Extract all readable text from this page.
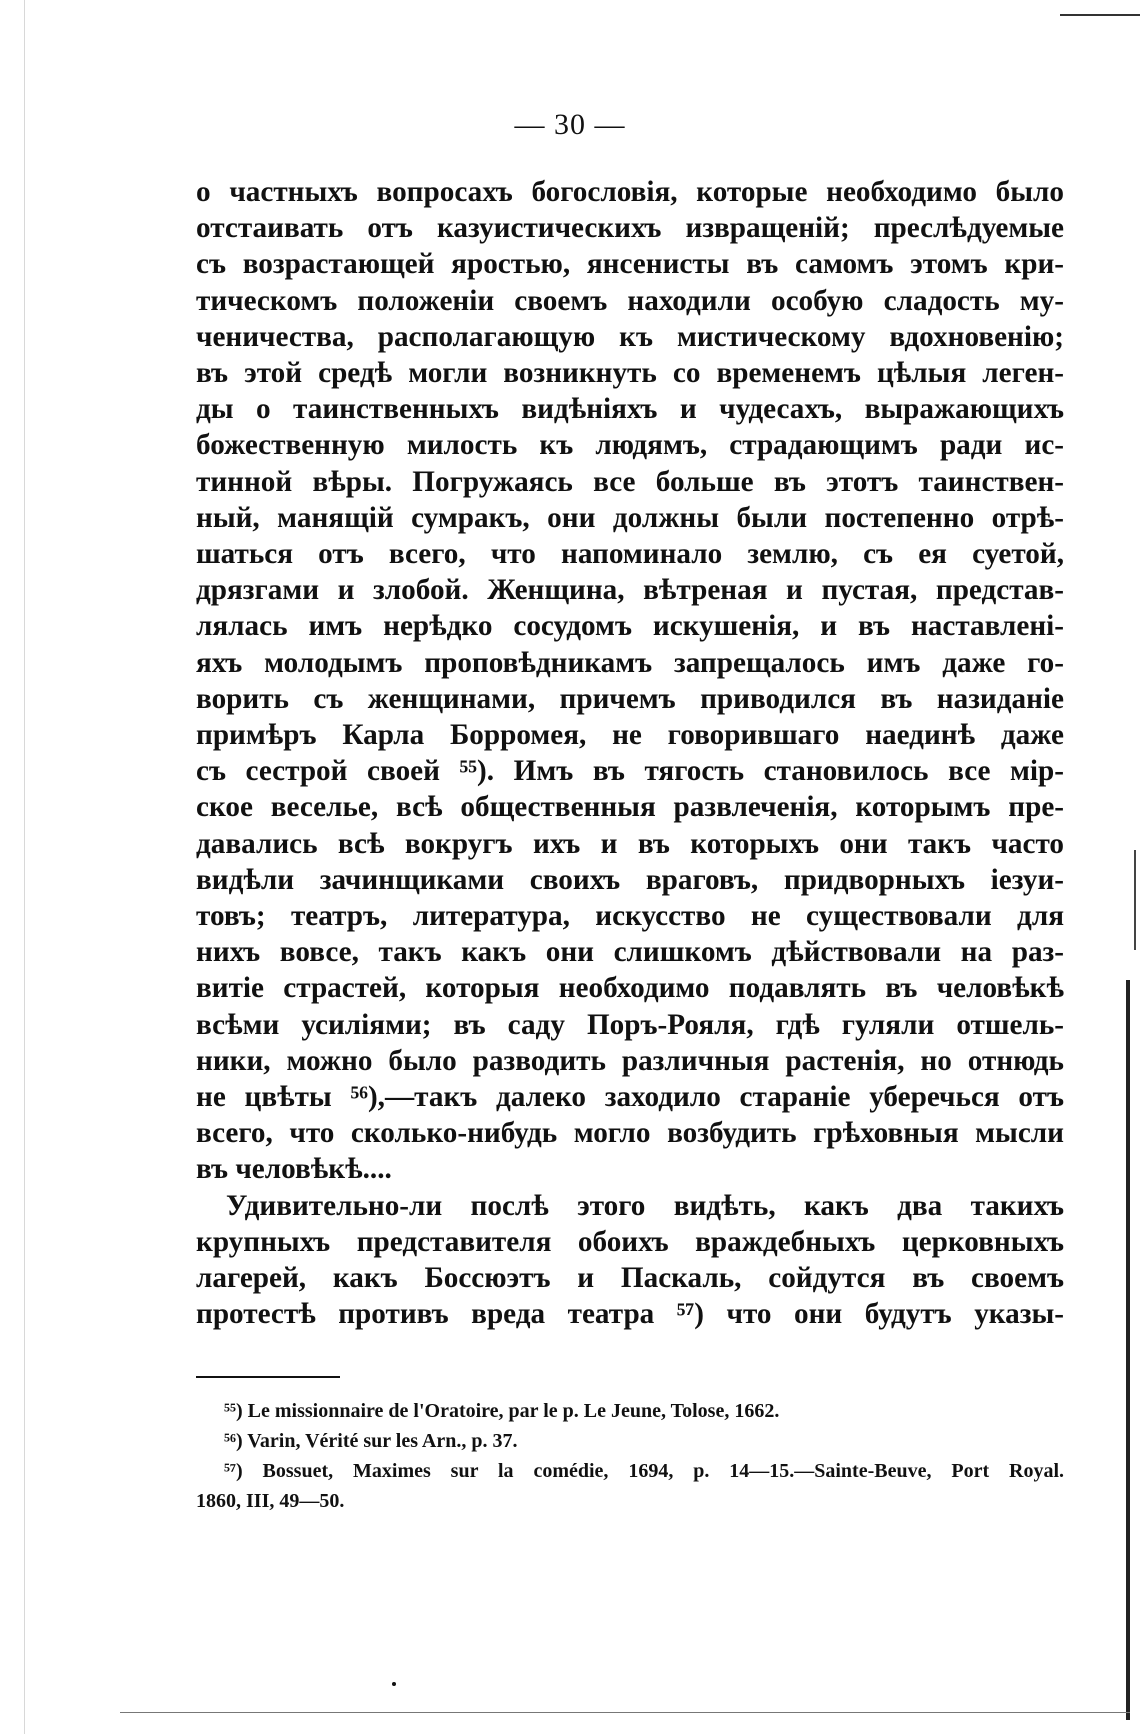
— 30 —
о частныхъ вопросахъ богословія, которые необходимо было
отстаивать отъ казуистическихъ извращеній; преслѣдуемые
съ возрастающей яростью, янсенисты въ самомъ этомъ кри-
тическомъ положеніи своемъ находили особую сладость му-
ченичества, располагающую къ мистическому вдохновенію;
въ этой средѣ могли возникнуть со временемъ цѣлыя леген-
ды о таинственныхъ видѣніяхъ и чудесахъ, выражающихъ
божественную милость къ людямъ, страдающимъ ради ис-
тинной вѣры. Погружаясь все больше въ этотъ таинствен-
ный, манящій сумракъ, они должны были постепенно отрѣ-
шаться отъ всего, что напоминало землю, съ ея суетой,
дрязгами и злобой. Женщина, вѣтреная и пустая, представ-
лялась имъ нерѣдко сосудомъ искушенія, и въ наставленi-
яхъ молодымъ проповѣдникамъ запрещалось имъ даже го-
ворить съ женщинами, причемъ приводился въ назиданіе
примѣръ Карла Борромея, не говорившаго наединѣ даже
съ сестрой своей ⁵⁵). Имъ въ тягость становилось все мір-
ское веселье, всѣ общественныя развлеченія, которымъ пре-
давались всѣ вокругъ ихъ и въ которыхъ они такъ часто
видѣли зачинщиками своихъ враговъ, придворныхъ іезуи-
товъ; театръ, литература, искусство не существовали для
нихъ вовсе, такъ какъ они слишкомъ дѣйствовали на раз-
витіе страстей, которыя необходимо подавлять въ человѣкѣ
всѣми усиліями; въ саду Поръ-Рояля, гдѣ гуляли отшель-
ники, можно было разводить различныя растенія, но отнюдь
не цвѣты ⁵⁶),—такъ далеко заходило стараніе уберечься отъ
всего, что сколько-нибудь могло возбудить грѣховныя мысли
въ человѣкѣ....
Удивительно-ли послѣ этого видѣть, какъ два такихъ
крупныхъ представителя обоихъ враждебныхъ церковныхъ
лагерей, какъ Боссюэтъ и Паскаль, сойдутся въ своемъ
протестѣ противъ вреда театра ⁵⁷) что они будутъ указы-
⁵⁵) Le missionnaire de l'Oratoire, par le p. Le Jeune, Tolose, 1662.
⁵⁶) Varin, Vérité sur les Arn., p. 37.
⁵⁷) Bossuet, Maximes sur la comédie, 1694, p. 14—15.—Sainte-Beuve, Port Royal.
1860, III, 49—50.
